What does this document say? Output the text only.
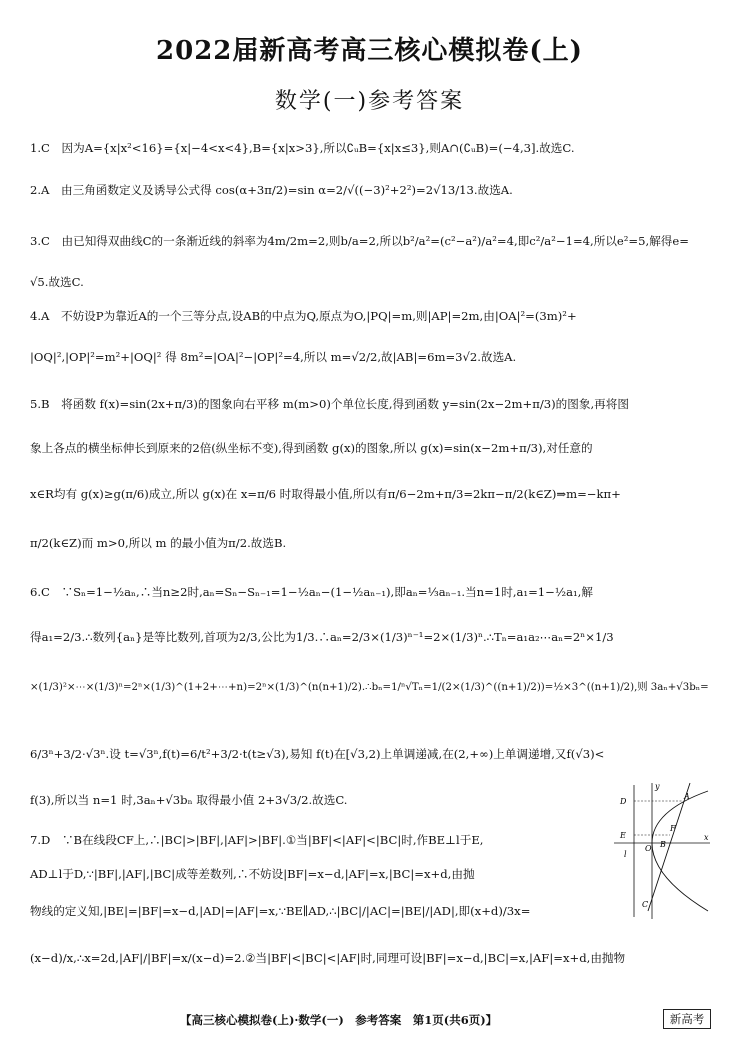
2022届新高考高三核心模拟卷(上)
数学(一)参考答案
1.C　因为A={x|x²<16}={x|−4<x<4},B={x|x>3},所以∁ᵤB={x|x≤3},则A∩(∁ᵤB)=(−4,3].故选C.
2.A　由三角函数定义及诱导公式得 cos(α+3π/2)=sin α=2/√((−3)²+2²)=2√13/13.故选A.
3.C　由已知得双曲线C的一条渐近线的斜率为4m/2m=2,则b/a=2,所以b²/a²=(c²−a²)/a²=4,即c²/a²−1=4,所以e²=5,解得e=
√5.故选C.
4.A　不妨设P为靠近A的一个三等分点,设AB的中点为Q,原点为O,|PQ|=m,则|AP|=2m,由|OA|²=(3m)²+
|OQ|²,|OP|²=m²+|OQ|² 得 8m²=|OA|²−|OP|²=4,所以 m=√2/2,故|AB|=6m=3√2.故选A.
5.B　将函数 f(x)=sin(2x+π/3)的图象向右平移 m(m>0)个单位长度,得到函数 y=sin(2x−2m+π/3)的图象,再将图
象上各点的横坐标伸长到原来的2倍(纵坐标不变),得到函数 g(x)的图象,所以 g(x)=sin(x−2m+π/3),对任意的
x∈R均有 g(x)≥g(π/6)成立,所以 g(x)在 x=π/6 时取得最小值,所以有π/6−2m+π/3=2kπ−π/2(k∈Z)⇒m=−kπ+
π/2(k∈Z)而 m>0,所以 m 的最小值为π/2.故选B.
6.C　∵Sₙ=1−½aₙ,∴当n≥2时,aₙ=Sₙ−Sₙ₋₁=1−½aₙ−(1−½aₙ₋₁),即aₙ=⅓aₙ₋₁.当n=1时,a₁=1−½a₁,解
得a₁=2/3.∴数列{aₙ}是等比数列,首项为2/3,公比为1/3.∴aₙ=2/3×(1/3)ⁿ⁻¹=2×(1/3)ⁿ.∴Tₙ=a₁a₂⋯aₙ=2ⁿ×1/3
×(1/3)²×⋯×(1/3)ⁿ=2ⁿ×(1/3)^(1+2+⋯+n)=2ⁿ×(1/3)^(n(n+1)/2).∴bₙ=1/ⁿ√Tₙ=1/(2×(1/3)^((n+1)/2))=½×3^((n+1)/2),则 3aₙ+√3bₙ=
6/3ⁿ+3/2·√3ⁿ.设 t=√3ⁿ,f(t)=6/t²+3/2·t(t≥√3),易知 f(t)在[√3,2)上单调递减,在(2,+∞)上单调递增,又f(√3)<
f(3),所以当 n=1 时,3aₙ+√3bₙ 取得最小值 2+3√3/2.故选C.
7.D　∵B在线段CF上,∴|BC|>|BF|,|AF|>|BF|.①当|BF|<|AF|<|BC|时,作BE⊥l于E,
AD⊥l于D,∵|BF|,|AF|,|BC|成等差数列,∴不妨设|BF|=x−d,|AF|=x,|BC|=x+d,由抛
物线的定义知,|BE|=|BF|=x−d,|AD|=|AF|=x,∵BE∥AD,∴|BC|/|AC|=|BE|/|AD|,即(x+d)/3x=
(x−d)/x,∴x=2d,|AF|/|BF|=x/(x−d)=2.②当|BF|<|BC|<|AF|时,同理可设|BF|=x−d,|BC|=x,|AF|=x+d,由抛物
D
E
l
A
F
O B
C
x
y
【高三核心模拟卷(上)·数学(一)　参考答案　第1页(共6页)】	新高考
